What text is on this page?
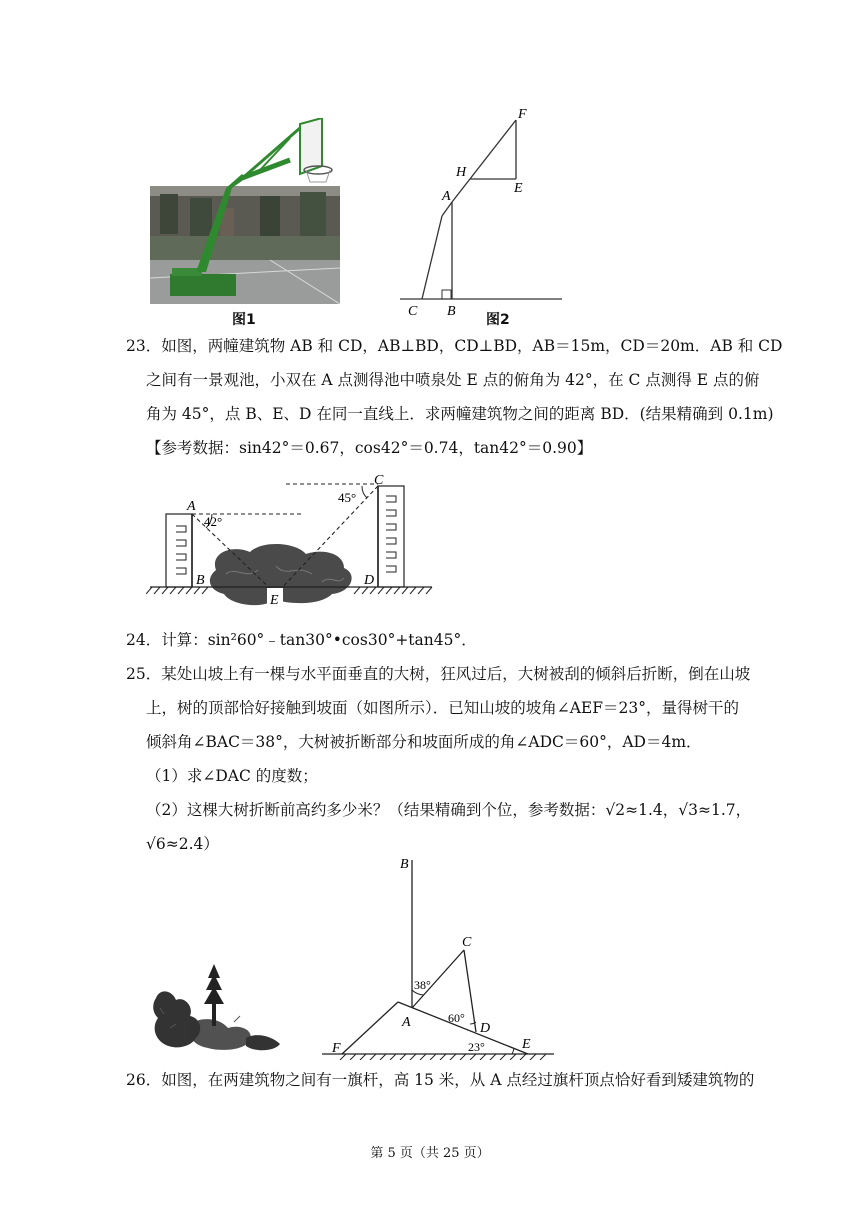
图1
F
H
E
A
C B
图2
23．如图，两幢建筑物 AB 和 CD，AB⊥BD，CD⊥BD，AB＝15m，CD＝20m．AB 和 CD
之间有一景观池，小双在 A 点测得池中喷泉处 E 点的俯角为 42°，在 C 点测得 E 点的俯
角为 45°，点 B、E、D 在同一直线上．求两幢建筑物之间的距离 BD．(结果精确到 0.1m)
【参考数据：sin42°＝0.67，cos42°＝0.74，tan42°＝0.90】
A
C
B	D
E
42°
45°
24．计算：sin²60°﹣tan30°•cos30°+tan45°．
25．某处山坡上有一棵与水平面垂直的大树，狂风过后，大树被刮的倾斜后折断，倒在山坡
上，树的顶部恰好接触到坡面（如图所示）．已知山坡的坡角∠AEF＝23°，量得树干的
倾斜角∠BAC＝38°，大树被折断部分和坡面所成的角∠ADC＝60°，AD＝4m．
（1）求∠DAC 的度数；
（2）这棵大树折断前高约多少米？（结果精确到个位，参考数据：√2≈1.4，√3≈1.7，
√6≈2.4）
B
C
A	D
E
F
38°
60°
23°
26．如图，在两建筑物之间有一旗杆，高 15 米，从 A 点经过旗杆顶点恰好看到矮建筑物的
第 5 页（共 25 页）
